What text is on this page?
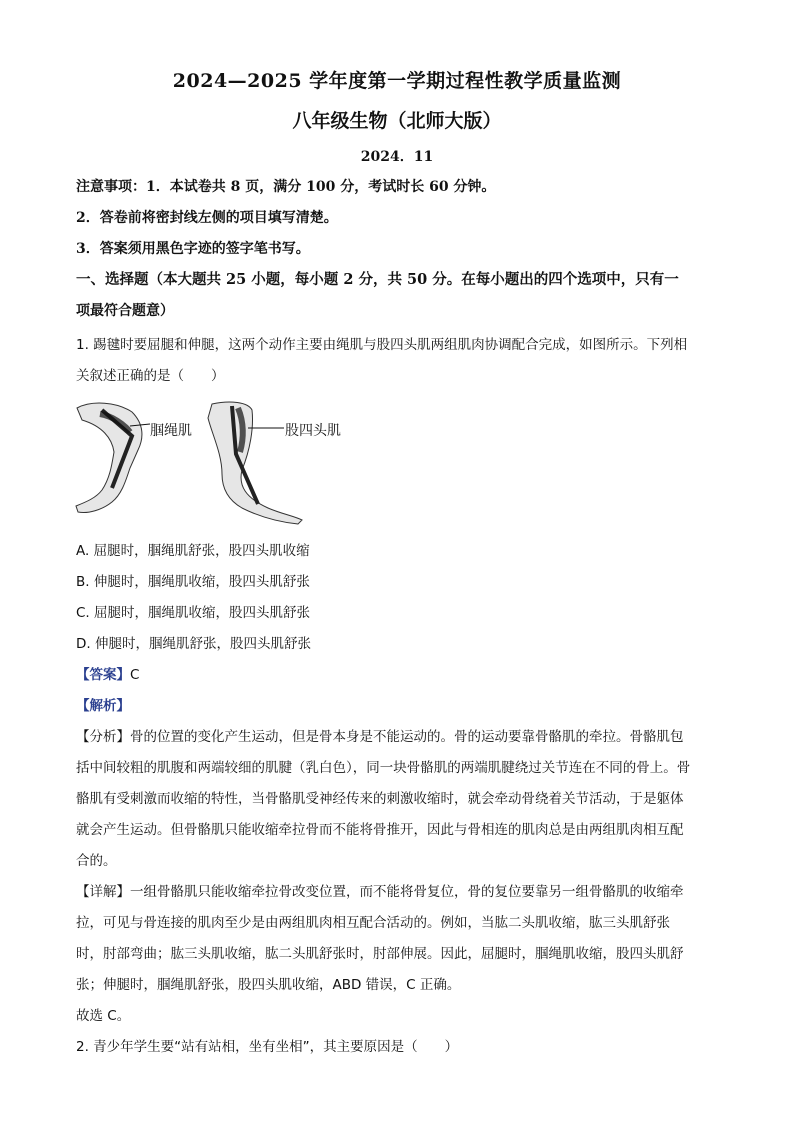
2024—2025 学年度第一学期过程性教学质量监测
八年级生物（北师大版）
2024．11
注意事项：1．本试卷共 8 页，满分 100 分，考试时长 60 分钟。
2．答卷前将密封线左侧的项目填写清楚。
3．答案须用黑色字迹的签字笔书写。
一、选择题（本大题共 25 小题，每小题 2 分，共 50 分。在每小题出的四个选项中，只有一
项最符合题意）
1. 踢毽时要屈腿和伸腿，这两个动作主要由绳肌与股四头肌两组肌肉协调配合完成，如图所示。下列相
关叙述正确的是（　　）
腘绳肌	股四头肌
A. 屈腿时，腘绳肌舒张，股四头肌收缩
B. 伸腿时，腘绳肌收缩，股四头肌舒张
C. 屈腿时，腘绳肌收缩，股四头肌舒张
D. 伸腿时，腘绳肌舒张，股四头肌舒张
【答案】C
【解析】
【分析】骨的位置的变化产生运动，但是骨本身是不能运动的。骨的运动要靠骨骼肌的牵拉。骨骼肌包
括中间较粗的肌腹和两端较细的肌腱（乳白色），同一块骨骼肌的两端肌腱绕过关节连在不同的骨上。骨
骼肌有受刺激而收缩的特性，当骨骼肌受神经传来的刺激收缩时，就会牵动骨绕着关节活动，于是躯体
就会产生运动。但骨骼肌只能收缩牵拉骨而不能将骨推开，因此与骨相连的肌肉总是由两组肌肉相互配
合的。
【详解】一组骨骼肌只能收缩牵拉骨改变位置，而不能将骨复位，骨的复位要靠另一组骨骼肌的收缩牵
拉，可见与骨连接的肌肉至少是由两组肌肉相互配合活动的。例如，当肱二头肌收缩，肱三头肌舒张
时，肘部弯曲；肱三头肌收缩，肱二头肌舒张时，肘部伸展。因此，屈腿时，腘绳肌收缩，股四头肌舒
张；伸腿时，腘绳肌舒张，股四头肌收缩，ABD 错误，C 正确。
故选 C。
2. 青少年学生要“站有站相，坐有坐相”，其主要原因是（　　）
